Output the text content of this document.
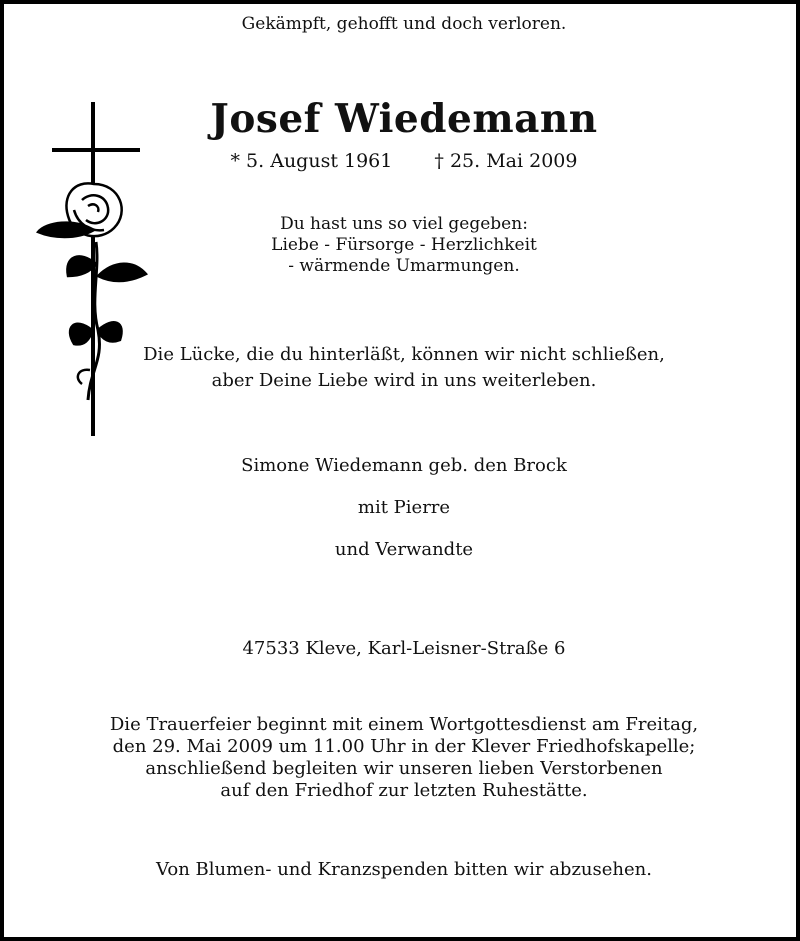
Gekämpft, gehofft und doch verloren.
Josef Wiedemann
* 5. August 1961 † 25. Mai 2009
Du hast uns so viel gegeben:
Liebe - Fürsorge - Herzlichkeit
- wärmende Umarmungen.
Die Lücke, die du hinterläßt, können wir nicht schließen,
aber Deine Liebe wird in uns weiterleben.
Simone Wiedemann geb. den Brock
mit Pierre
und Verwandte
47533 Kleve, Karl-Leisner-Straße 6
Die Trauerfeier beginnt mit einem Wortgottesdienst am Freitag,
den 29. Mai 2009 um 11.00 Uhr in der Klever Friedhofskapelle;
anschließend begleiten wir unseren lieben Verstorbenen
auf den Friedhof zur letzten Ruhestätte.
Von Blumen- und Kranzspenden bitten wir abzusehen.
